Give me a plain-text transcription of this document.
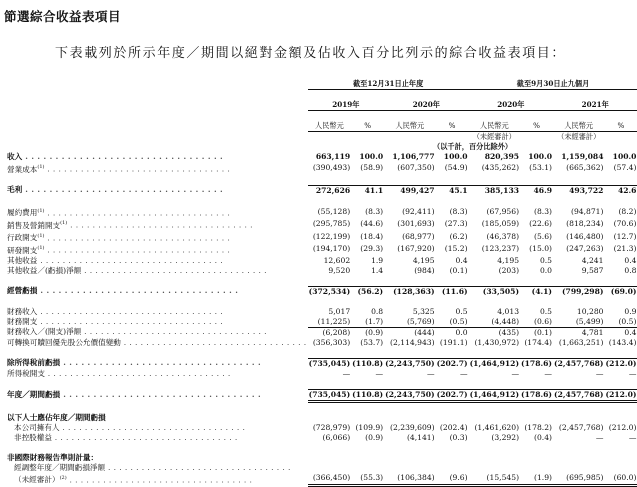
節選綜合收益表項目
下表載列於所示年度／期間以絕對金額及佔收入百分比列示的綜合收益表項目：
	截至12月31日止年度				截至9月30日止九個月			

	2019年		2020年		2020年		2021年	

	人民幣元	%	人民幣元	%	人民幣元	%	人民幣元	%
					（未經審計）		（未經審計）	
	（以千計，百分比除外）							
收入 . . . . . . . . . . . . . . . . . . . . . . . . . . . . . . . . .	663,119	100.0	1,106,777	100.0	820,395	100.0	1,159,084	100.0
營業成本$^{(1)}$ . . . . . . . . . . . . . . . . . . . . . . . . . . . . . . . . .	(390,493)	(58.9)	(607,350)	(54.9)	(435,262)	(53.1)	(665,362)	(57.4)

毛利 . . . . . . . . . . . . . . . . . . . . . . . . . . . . . . . . .	272,626	41.1	499,427	45.1	385,133	46.9	493,722	42.6

履約費用$^{(1)}$ . . . . . . . . . . . . . . . . . . . . . . . . . . . . . . . . .	(55,128)	(8.3)	(92,411)	(8.3)	(67,956)	(8.3)	(94,871)	(8.2)
銷售及營銷開支$^{(1)}$ . . . . . . . . . . . . . . . . . . . . . . . . . . . . . . . . .	(295,785)	(44.6)	(301,693)	(27.3)	(185,059)	(22.6)	(818,234)	(70.6)
行政開支$^{(1)}$ . . . . . . . . . . . . . . . . . . . . . . . . . . . . . . . . .	(122,199)	(18.4)	(68,977)	(6.2)	(46,378)	(5.6)	(146,480)	(12.7)
研發開支$^{(1)}$ . . . . . . . . . . . . . . . . . . . . . . . . . . . . . . . . .	(194,170)	(29.3)	(167,920)	(15.2)	(123,237)	(15.0)	(247,263)	(21.3)
其他收益 . . . . . . . . . . . . . . . . . . . . . . . . . . . . . . . . .	12,602	1.9	4,195	0.4	4,195	0.5	4,241	0.4
其他收益／(虧損)淨額 . . . . . . . . . . . . . . . . . . . . . . . . . . . . . . . . .	9,520	1.4	(984)	(0.1)	(203)	0.0	9,587	0.8

經營虧損 . . . . . . . . . . . . . . . . . . . . . . . . . . . . . . . . .	(372,534)	(56.2)	(128,363)	(11.6)	(33,505)	(4.1)	(799,298)	(69.0)

財務收入 . . . . . . . . . . . . . . . . . . . . . . . . . . . . . . . . .	5,017	0.8	5,325	0.5	4,013	0.5	10,280	0.9
財務開支 . . . . . . . . . . . . . . . . . . . . . . . . . . . . . . . . .	(11,225)	(1.7)	(5,769)	(0.5)	(4,448)	(0.6)	(5,499)	(0.5)
財務收入／(開支)淨額 . . . . . . . . . . . . . . . . . . . . . . . . . . . . . . . . .	(6,208)	(0.9)	(444)	0.0	(435)	(0.1)	4,781	0.4
可轉換可贖回優先股公允價值變動 . . . . . . . . . . . . . . . . . . . . . . . . . . . . . . . . .	(356,303)	(53.7)	(2,114,943)	(191.1)	(1,430,972)	(174.4)	(1,663,251)	(143.4)

除所得稅前虧損 . . . . . . . . . . . . . . . . . . . . . . . . . . . . . . . . .	(735,045)	(110.8)	(2,243,750)	(202.7)	(1,464,912)	(178.6)	(2,457,768)	(212.0)
所得稅開支 . . . . . . . . . . . . . . . . . . . . . . . . . . . . . . . . .	—	—	—	—	—	—	—	—

年度／期間虧損 . . . . . . . . . . . . . . . . . . . . . . . . . . . . . . . . .	(735,045)	(110.8)	(2,243,750)	(202.7)	(1,464,912)	(178.6)	(2,457,768)	(212.0)

以下人士應佔年度／期間虧損								
本公司擁有人 . . . . . . . . . . . . . . . . . . . . . . . . . . . . . . . . .	(728,979)	(109.9)	(2,239,609)	(202.4)	(1,461,620)	(178.2)	(2,457,768)	(212.0)
非控股權益 . . . . . . . . . . . . . . . . . . . . . . . . . . . . . . . . .	(6,066)	(0.9)	(4,141)	(0.3)	(3,292)	(0.4)	—	—

非國際財務報告準則計量：								
經調整年度／期間虧損淨額 . . . . . . . . . . . . . . . . . . . . . . . . . . . . . . . . .								
（未經審計）$^{(2)}$ . . . . . . . . . . . . . . . . . . . . . . . . . . . . . . . . .	(366,450)	(55.3)	(106,384)	(9.6)	(15,545)	(1.9)	(695,985)	(60.0)
